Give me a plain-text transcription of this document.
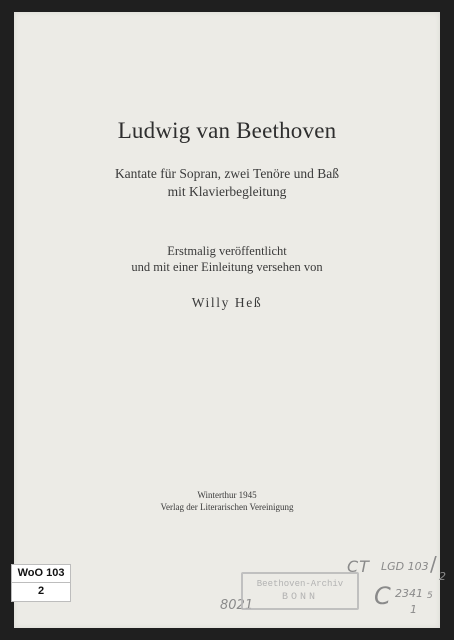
Ludwig van Beethoven
Kantate für Sopran, zwei Tenöre und Baß
mit Klavierbegleitung
Erstmalig veröffentlicht
und mit einer Einleitung versehen von
Willy Heß
Winterthur 1945
Verlag der Literarischen Vereinigung
CT LGD 103 /
2
8021	C 2341 5
1
Beethoven-Archiv
BONN
WoO 103
2
